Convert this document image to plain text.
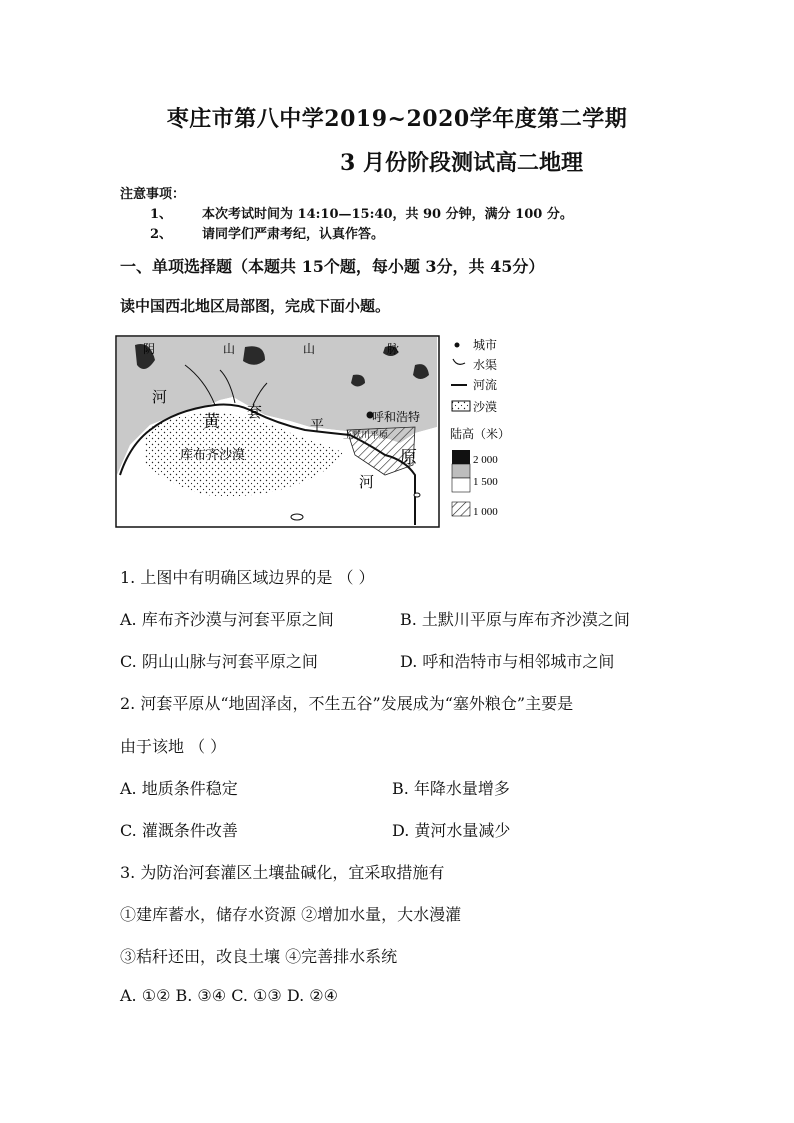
枣庄市第八中学2019~2020学年度第二学期
3 月份阶段测试高二地理
注意事项：
1、 本次考试时间为 14:10—15:40，共 90 分钟，满分 100 分。
2、 请同学们严肃考纪，认真作答。
一、单项选择题（本题共 15个题，每小题 3分，共 45分）
读中国西北地区局部图，完成下面小题。
阴	山	山	脉
河
黄 套
平
呼和浩特
库布齐沙漠
土默川平原
原
河
城市
水渠
河流
沙漠
陆高（米）
2 000
1 500
1 000
1. 上图中有明确区域边界的是 （ ）
A. 库布齐沙漠与河套平原之间	B. 土默川平原与库布齐沙漠之间
C. 阴山山脉与河套平原之间	D. 呼和浩特市与相邻城市之间
2. 河套平原从“地固泽卤，不生五谷”发展成为“塞外粮仓”主要是
由于该地 （ ）
A. 地质条件稳定	B. 年降水量增多
C. 灌溉条件改善	D. 黄河水量减少
3. 为防治河套灌区土壤盐碱化，宜采取措施有
①建库蓄水，储存水资源 ②增加水量，大水漫灌
③秸秆还田，改良土壤 ④完善排水系统
A. ①② B. ③④ C. ①③ D. ②④
